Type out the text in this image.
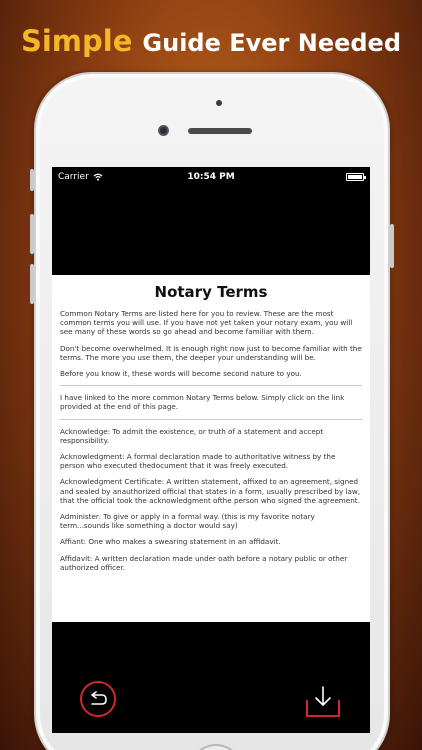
Simple Guide Ever Needed
Carrier	10:54 PM
Notary Terms

Common Notary Terms are listed here for you to review. These are the most common terms you will use. If you have not yet taken your notary exam, you will see many of these words so go ahead and become familiar with them.

Don't become overwhelmed. It is enough right now just to become familiar with the terms. The more you use them, the deeper your understanding will be.

Before you know it, these words will become second nature to you.

I have linked to the more common Notary Terms below. Simply click on the link provided at the end of this page.

Acknowledge: To admit the existence, or truth of a statement and accept responsibility.

Acknowledgment: A formal declaration made to authoritative witness by the person who executed thedocument that it was freely executed.

Acknowledgment Certificate: A written statement, affixed to an agreement, signed and sealed by anauthorized official that states in a form, usually prescribed by law, that the official took the acknowledgment ofthe person who signed the agreement.

Administer: To give or apply in a formal way. (this is my favorite notary term...sounds like something a doctor would say)

Affiant: One who makes a swearing statement in an affidavit.

Affidavit: A written declaration made under oath before a notary public or other authorized officer.
